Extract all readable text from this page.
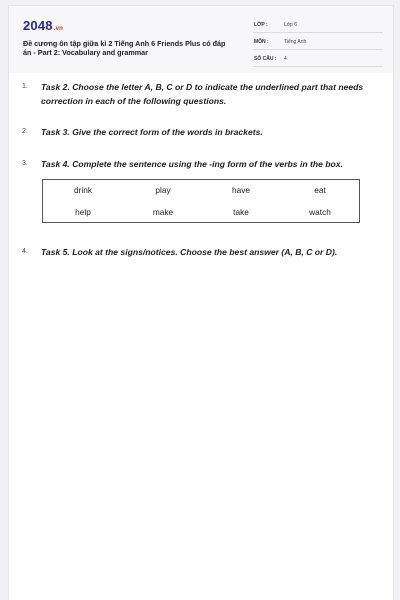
2048.vn
Đề cương ôn tập giữa kì 2 Tiếng Anh 6 Friends Plus có đáp
án - Part 2: Vocabulary and grammar
LỚP :	Lớp 6
MÔN :	Tiếng Anh
SỐ CÂU : 4
1. Task 2. Choose the letter A, B, C or D to indicate the underlined part that needs correction in each of the following questions.
2. Task 3. Give the correct form of the words in brackets.
3. Task 4. Complete the sentence using the -ing form of the verbs in the box.
drink	play	have	eat
help	make	take	watch
4. Task 5. Look at the signs/notices. Choose the best answer (A, B, C or D).
